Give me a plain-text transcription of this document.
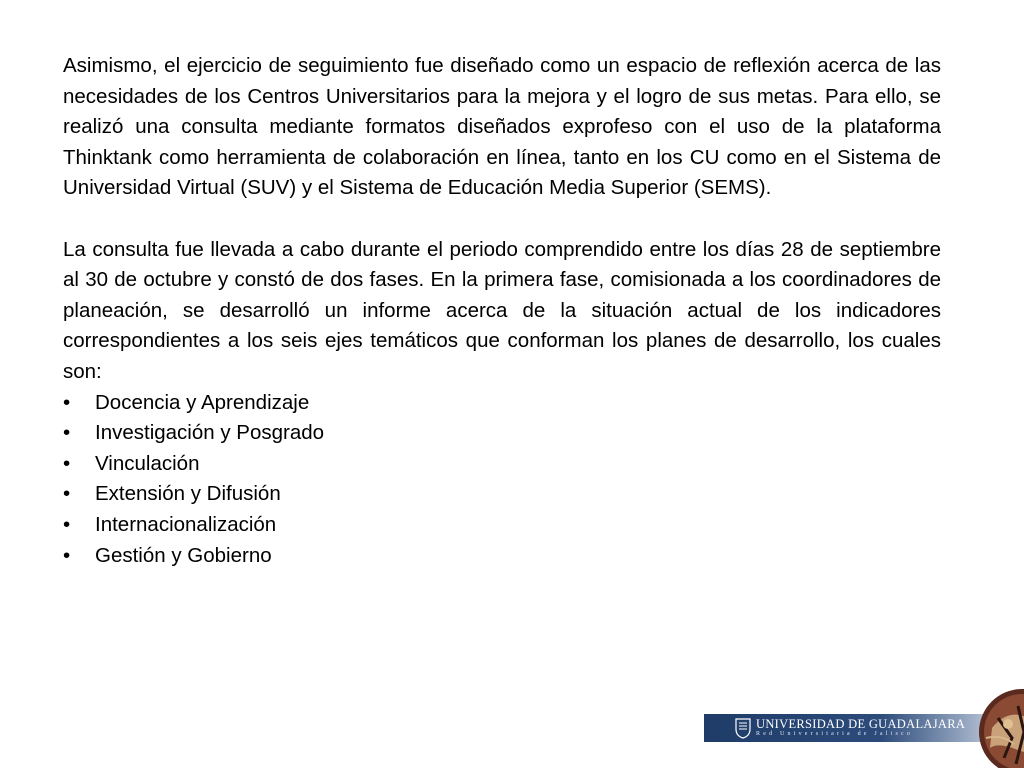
Asimismo, el ejercicio de seguimiento fue diseñado como un espacio de reflexión acerca de las necesidades de los Centros Universitarios para la mejora y el logro de sus metas. Para ello, se realizó una consulta mediante formatos diseñados exprofeso con el uso de la plataforma Thinktank como herramienta de colaboración en línea, tanto en los CU como en el Sistema de Universidad Virtual (SUV) y el Sistema de Educación Media Superior (SEMS).

La consulta fue llevada a cabo durante el periodo comprendido entre los días 28 de septiembre al 30 de octubre y constó de dos fases. En la primera fase, comisionada a los coordinadores de planeación, se desarrolló un informe acerca de la situación actual de los indicadores correspondientes a los seis ejes temáticos que conforman los planes de desarrollo, los cuales son:

• Docencia y Aprendizaje
• Investigación y Posgrado
• Vinculación
• Extensión y Difusión
• Internacionalización
• Gestión y Gobierno
UNIVERSIDAD DE GUADALAJARA
Red Universitaria de Jalisco
